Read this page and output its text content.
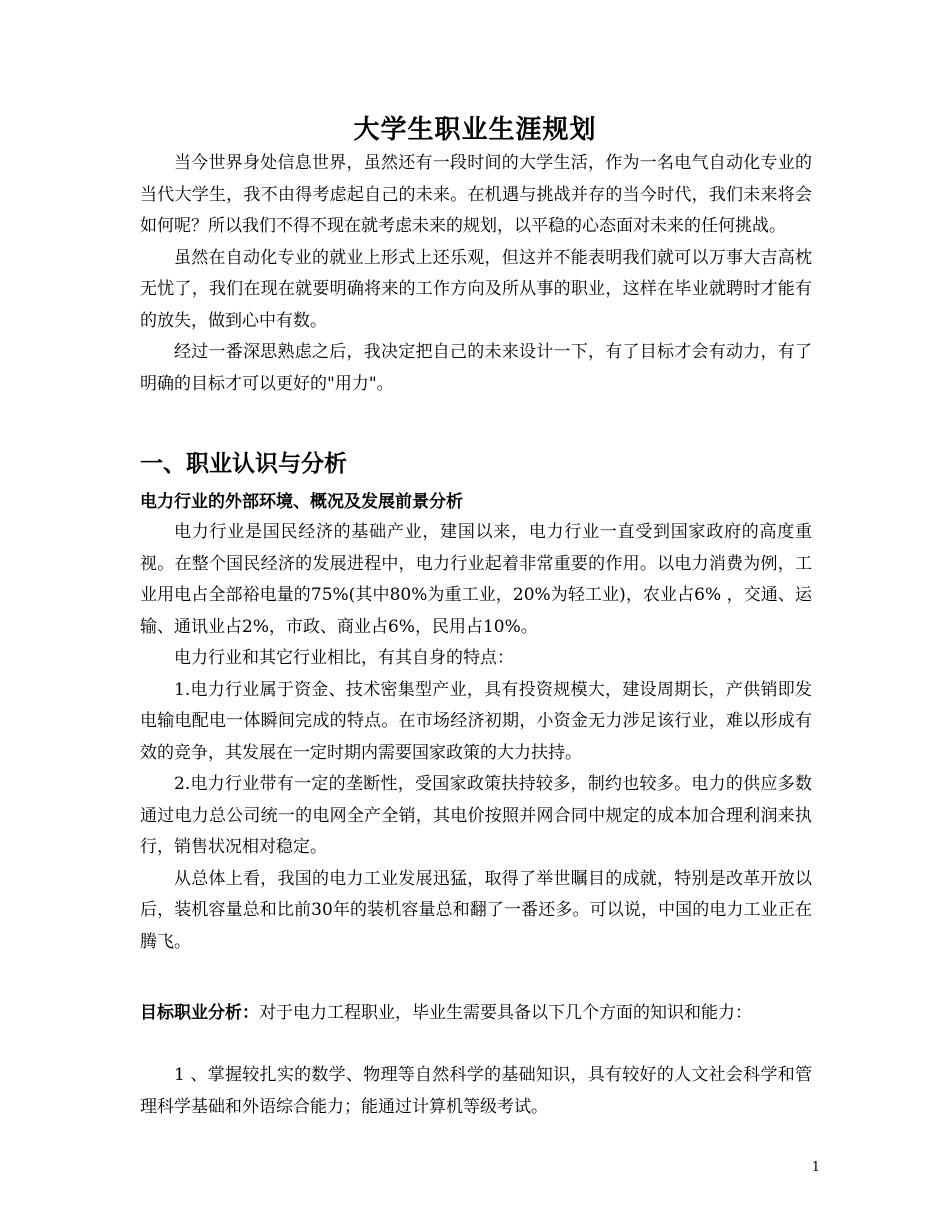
大学生职业生涯规划

当今世界身处信息世界，虽然还有一段时间的大学生活，作为一名电气自动化专业的当代大学生，我不由得考虑起自己的未来。在机遇与挑战并存的当今时代，我们未来将会如何呢？所以我们不得不现在就考虑未来的规划，以平稳的心态面对未来的任何挑战。

虽然在自动化专业的就业上形式上还乐观，但这并不能表明我们就可以万事大吉高枕无忧了，我们在现在就要明确将来的工作方向及所从事的职业，这样在毕业就聘时才能有的放失，做到心中有数。

经过一番深思熟虑之后，我决定把自己的未来设计一下，有了目标才会有动力，有了明确的目标才可以更好的"用力"。

一、职业认识与分析
电力行业的外部环境、概况及发展前景分析

电力行业是国民经济的基础产业，建国以来，电力行业一直受到国家政府的高度重视。在整个国民经济的发展进程中，电力行业起着非常重要的作用。以电力消费为例，工业用电占全部裕电量的75%(其中80%为重工业，20%为轻工业)，农业占6% ，交通、运输、通讯业占2%，市政、商业占6%，民用占10%。

电力行业和其它行业相比，有其自身的特点：

1.电力行业属于资金、技术密集型产业，具有投资规模大，建设周期长，产供销即发电输电配电一体瞬间完成的特点。在市场经济初期，小资金无力涉足该行业，难以形成有效的竞争，其发展在一定时期内需要国家政策的大力扶持。

2.电力行业带有一定的垄断性，受国家政策扶持较多，制约也较多。电力的供应多数通过电力总公司统一的电网全产全销，其电价按照并网合同中规定的成本加合理利润来执行，销售状况相对稳定。

从总体上看，我国的电力工业发展迅猛，取得了举世瞩目的成就，特别是改革开放以后，装机容量总和比前30年的装机容量总和翻了一番还多。可以说，中国的电力工业正在腾飞。

目标职业分析：对于电力工程职业，毕业生需要具备以下几个方面的知识和能力：

1 、掌握较扎实的数学、物理等自然科学的基础知识，具有较好的人文社会科学和管理科学基础和外语综合能力；能通过计算机等级考试。

1
